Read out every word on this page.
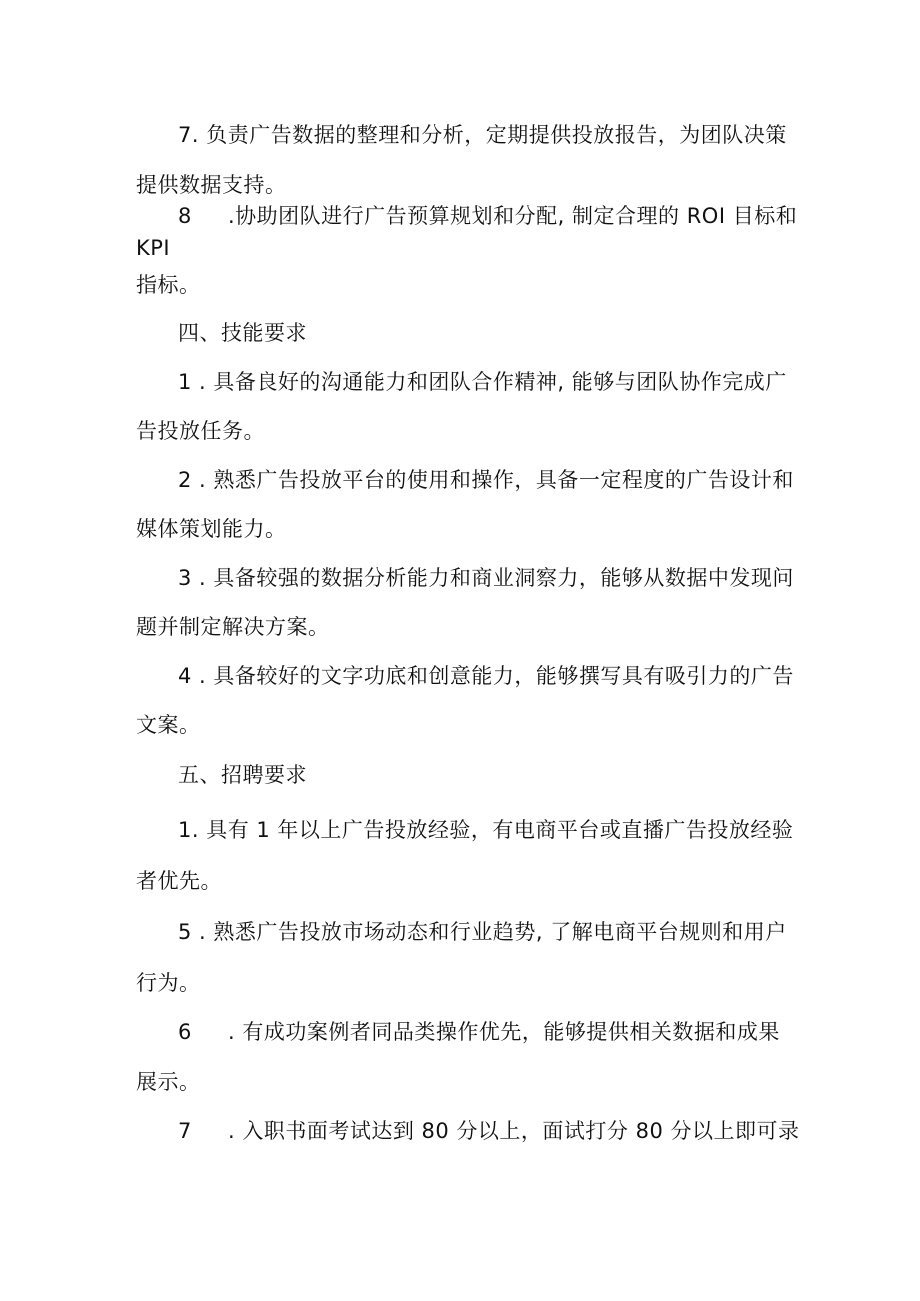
7. 负责广告数据的整理和分析，定期提供投放报告，为团队决策
提供数据支持。
8 .协助团队进行广告预算规划和分配, 制定合理的 ROI 目标和
KPI
指标。
四、技能要求
1 . 具备良好的沟通能力和团队合作精神, 能够与团队协作完成广
告投放任务。
2 . 熟悉广告投放平台的使用和操作，具备一定程度的广告设计和
媒体策划能力。
3 . 具备较强的数据分析能力和商业洞察力，能够从数据中发现问
题并制定解决方案。
4 . 具备较好的文字功底和创意能力，能够撰写具有吸引力的广告
文案。
五、招聘要求
1. 具有 1 年以上广告投放经验，有电商平台或直播广告投放经验
者优先。
5 . 熟悉广告投放市场动态和行业趋势, 了解电商平台规则和用户
行为。
6 . 有成功案例者同品类操作优先，能够提供相关数据和成果
展示。
7 . 入职书面考试达到 80 分以上，面试打分 80 分以上即可录
